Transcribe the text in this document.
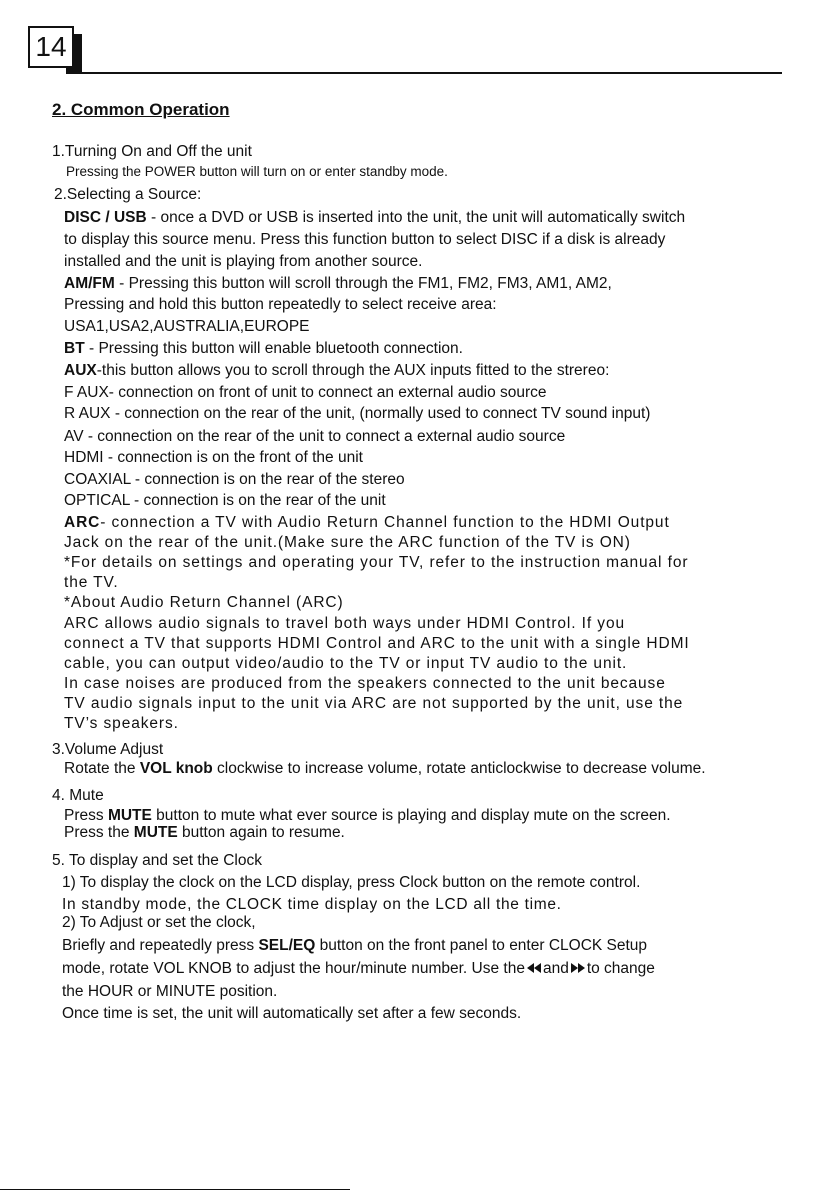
14
2. Common Operation
1.Turning On and Off the unit
Pressing the POWER button will turn on or enter standby mode.
2.Selecting a Source:
DISC / USB - once a DVD or USB is inserted into the unit, the unit will automatically switch
to display this source menu. Press this function button to select DISC if a disk is already
installed and the unit is playing from another source.
AM/FM - Pressing this button will scroll through the FM1, FM2, FM3, AM1, AM2,
Pressing and hold this button repeatedly to select receive area:
USA1,USA2,AUSTRALIA,EUROPE
BT - Pressing this button will enable bluetooth connection.
AUX-this button allows you to scroll through the AUX inputs fitted to the strereo:
F AUX- connection on front of unit to connect an external audio source
R AUX - connection on the rear of the unit, (normally used to connect TV sound input)
AV - connection on the rear of the unit to connect a external audio source
HDMI - connection is on the front of the unit
COAXIAL - connection is on the rear of the stereo
OPTICAL - connection is on the rear of the unit
ARC- connection a TV with Audio Return Channel function to the HDMI Output
Jack on the rear of the unit.(Make sure the ARC function of the TV is ON)
*For details on settings and operating your TV, refer to the instruction manual for
the TV.
*About Audio Return Channel (ARC)
ARC allows audio signals to travel both ways under HDMI Control. If you
connect a TV that supports HDMI Control and ARC to the unit with a single HDMI
cable, you can output video/audio to the TV or input TV audio to the unit.
In case noises are produced from the speakers connected to the unit because
TV audio signals input to the unit via ARC are not supported by the unit, use the
TV’s speakers.
3.Volume Adjust
Rotate the VOL knob clockwise to increase volume, rotate anticlockwise to decrease volume.
4. Mute
Press MUTE button to mute what ever source is playing and display mute on the screen.
Press the MUTE button again to resume.
5. To display and set the Clock
1) To display the clock on the LCD display, press Clock button on the remote control.
In standby mode, the CLOCK time display on the LCD all the time.
2) To Adjust or set the clock,
Briefly and repeatedly press SEL/EQ button on the front panel to enter CLOCK Setup
mode, rotate VOL KNOB to adjust the hour/minute number. Use the and to change
the HOUR or MINUTE position.
Once time is set, the unit will automatically set after a few seconds.
